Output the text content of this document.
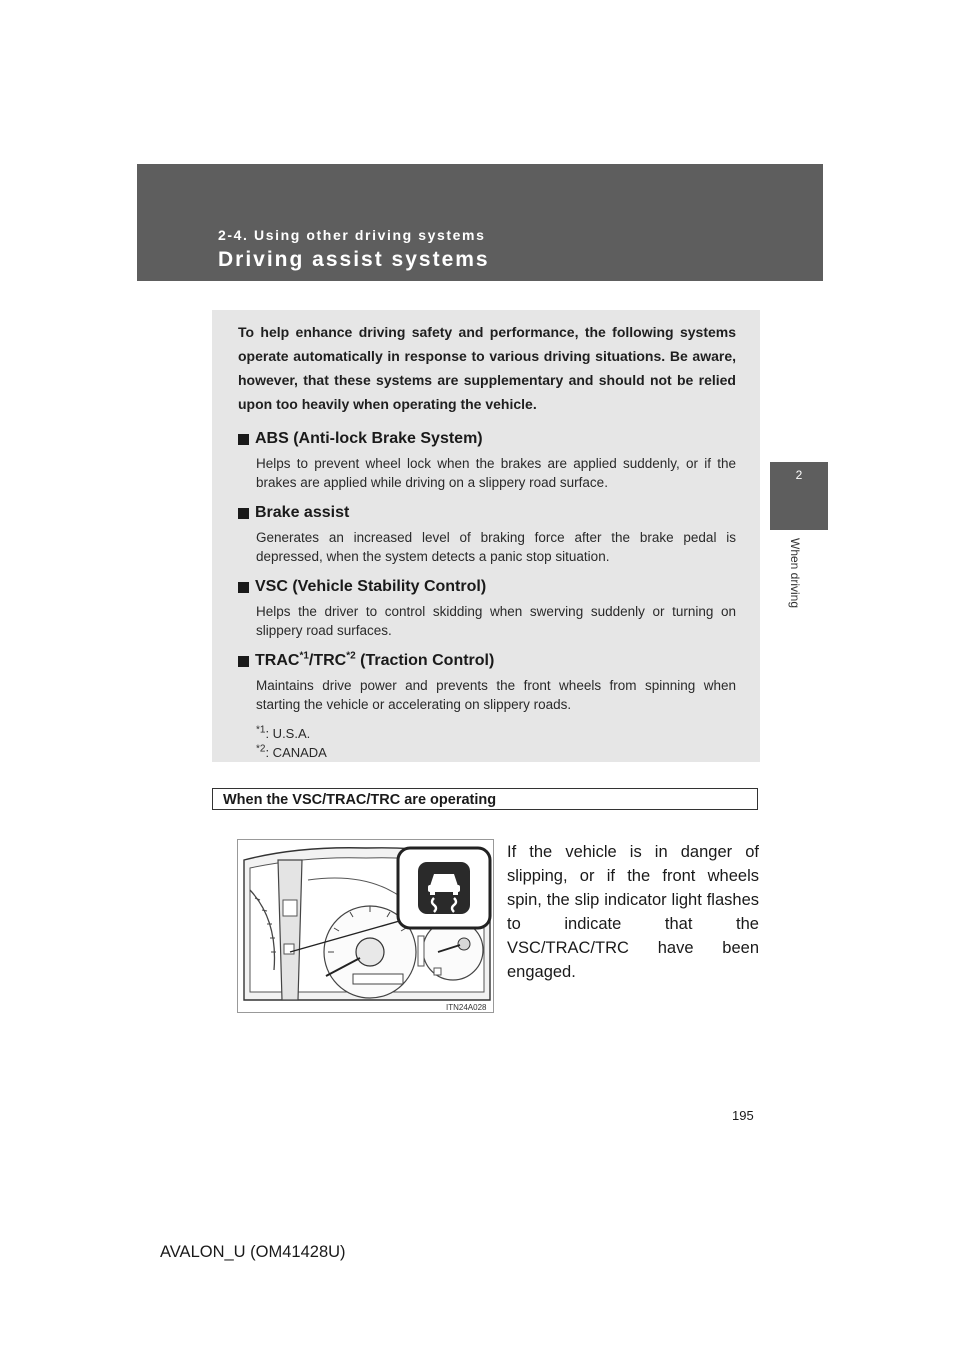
2-4. Using other driving systems
Driving assist systems
2
When driving

To help enhance driving safety and performance, the following systems operate automatically in response to various driving situations. Be aware, however, that these systems are supplementary and should not be relied upon too heavily when operating the vehicle.

ABS (Anti-lock Brake System)

Helps to prevent wheel lock when the brakes are applied suddenly, or if the brakes are applied while driving on a slippery road surface.

Brake assist

Generates an increased level of braking force after the brake pedal is depressed, when the system detects a panic stop situation.

VSC (Vehicle Stability Control)

Helps the driver to control skidding when swerving suddenly or turning on slippery road surfaces.

TRAC$^{*1}$/TRC$^{*2}$ (Traction Control)

Maintains drive power and prevents the front wheels from spinning when starting the vehicle or accelerating on slippery roads.

$^{*1}$: U.S.A.
$^{*2}$: CANADA
When the VSC/TRAC/TRC are operating
ITN24A028

If the vehicle is in danger of slipping, or if the front wheels spin, the slip indicator light flashes to indicate that the VSC/TRAC/TRC have been engaged.

195
AVALON_U (OM41428U)
